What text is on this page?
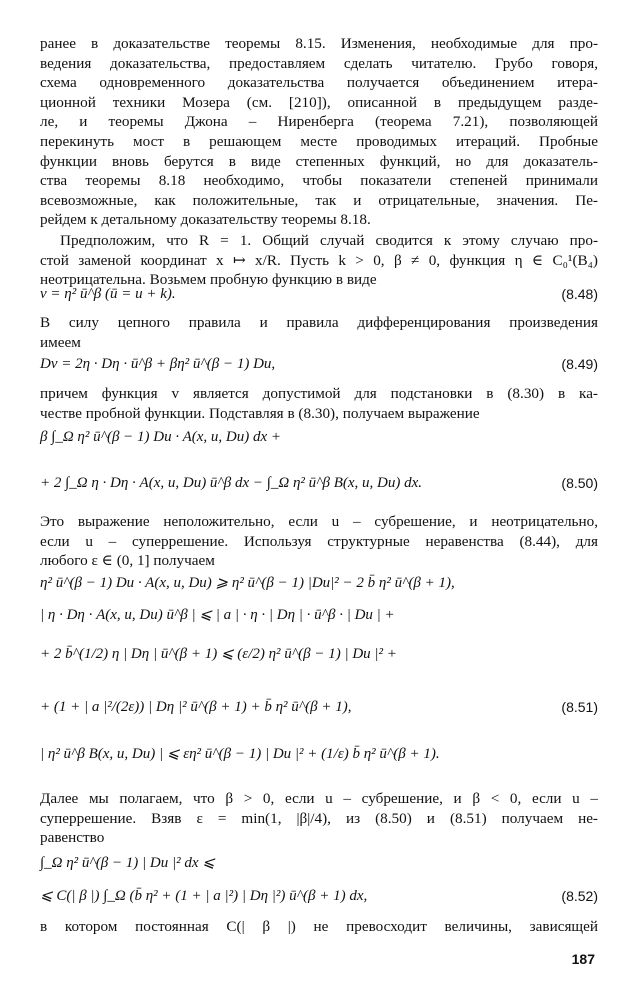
ранее в доказательстве теоремы 8.15. Изменения, необходимые для про-
ведения доказательства, предоставляем сделать читателю. Грубо говоря,
схема одновременного доказательства получается объединением итера-
ционной техники Мозера (см. [210]), описанной в предыдущем разде-
ле, и теоремы Джона – Ниренберга (теорема 7.21), позволяющей
перекинуть мост в решающем месте проводимых итераций. Пробные
функции вновь берутся в виде степенных функций, но для доказатель-
ства теоремы 8.18 необходимо, чтобы показатели степеней принимали
всевозможные, как положительные, так и отрицательные, значения. Пе-
рейдем к детальному доказательству теоремы 8.18.
Предположим, что R = 1. Общий случай сводится к этому случаю про-
стой заменой координат x ↦ x/R. Пусть k > 0, β ≠ 0, функция η ∈ C₀¹(B₄)
неотрицательна. Возьмем пробную функцию в виде
v = η² ū^β (ū = u + k).	(8.48)
В силу цепного правила и правила дифференцирования произведения
имеем
Dv = 2η · Dη · ū^β + βη² ū^(β − 1) Du,	(8.49)
причем функция v является допустимой для подстановки в (8.30) в ка-
честве пробной функции. Подставляя в (8.30), получаем выражение
β ∫_Ω η² ū^(β − 1) Du · A(x, u, Du) dx +
+ 2 ∫_Ω η · Dη · A(x, u, Du) ū^β dx − ∫_Ω η² ū^β B(x, u, Du) dx.	(8.50)
Это выражение неположительно, если u – субрешение, и неотрицательно,
если u – суперрешение. Используя структурные неравенства (8.44), для
любого ε ∈ (0, 1] получаем
η² ū^(β − 1) Du · A(x, u, Du) ⩾ η² ū^(β − 1) |Du|² − 2 b̄ η² ū^(β + 1),
| η · Dη · A(x, u, Du) ū^β | ⩽ | a | · η · | Dη | · ū^β · | Du | +
+ 2 b̄^(1/2) η | Dη | ū^(β + 1) ⩽ (ε/2) η² ū^(β − 1) | Du |² +
+ (1 + | a |²/(2ε)) | Dη |² ū^(β + 1) + b̄ η² ū^(β + 1),	(8.51)
| η² ū^β B(x, u, Du) | ⩽ εη² ū^(β − 1) | Du |² + (1/ε) b̄ η² ū^(β + 1).
Далее мы полагаем, что β > 0, если u – субрешение, и β < 0, если u –
суперрешение. Взяв ε = min(1, |β|/4), из (8.50) и (8.51) получаем не-
равенство
∫_Ω η² ū^(β − 1) | Du |² dx ⩽
⩽ C(| β |) ∫_Ω (b̄ η² + (1 + | a |²) | Dη |²) ū^(β + 1) dx,	(8.52)
в котором постоянная C(| β |) не превосходит величины, зависящей
187
